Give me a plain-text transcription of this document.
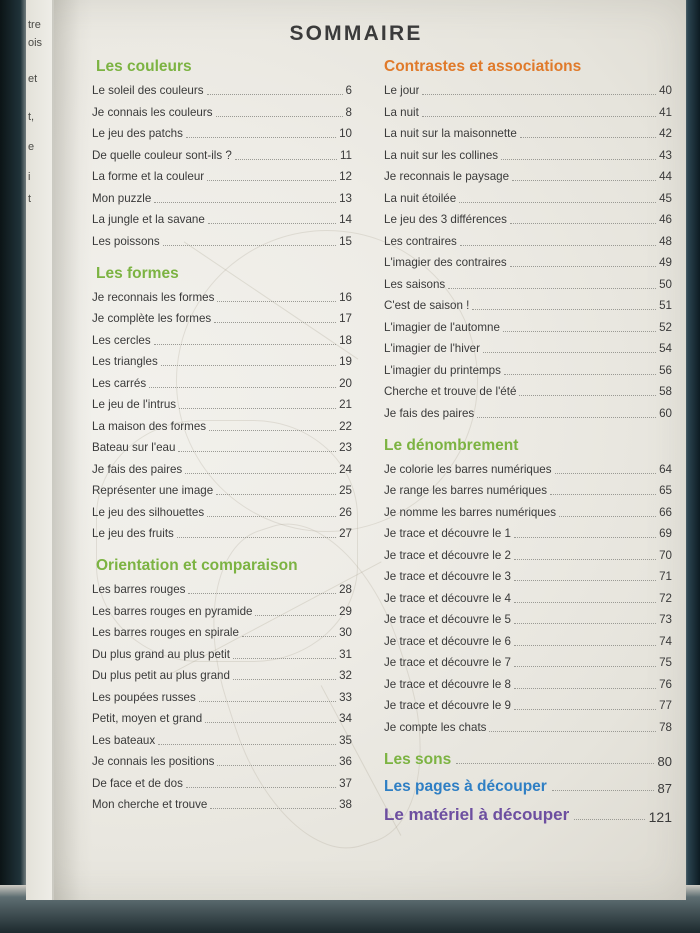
tre
ois
et
t,
e
i
t
SOMMAIRE
Les couleurs
Le soleil des couleurs	6
Je connais les couleurs	8
Le jeu des patchs	10
De quelle couleur sont-ils ?	11
La forme et la couleur	12
Mon puzzle	13
La jungle et la savane	14
Les poissons	15
Les formes
Je reconnais les formes	16
Je complète les formes	17
Les cercles	18
Les triangles	19
Les carrés	20
Le jeu de l'intrus	21
La maison des formes	22
Bateau sur l'eau	23
Je fais des paires	24
Représenter une image	25
Le jeu des silhouettes	26
Le jeu des fruits	27
Orientation et comparaison
Les barres rouges	28
Les barres rouges en pyramide	29
Les barres rouges en spirale	30
Du plus grand au plus petit	31
Du plus petit au plus grand	32
Les poupées russes	33
Petit, moyen et grand	34
Les bateaux	35
Je connais les positions	36
De face et de dos	37
Mon cherche et trouve	38
Contrastes et associations
Le jour	40
La nuit	41
La nuit sur la maisonnette	42
La nuit sur les collines	43
Je reconnais le paysage	44
La nuit étoilée	45
Le jeu des 3 différences	46
Les contraires	48
L'imagier des contraires	49
Les saisons	50
C'est de saison !	51
L'imagier de l'automne	52
L'imagier de l'hiver	54
L'imagier du printemps	56
Cherche et trouve de l'été	58
Je fais des paires	60
Le dénombrement
Je colorie les barres numériques	64
Je range les barres numériques	65
Je nomme les barres numériques	66
Je trace et découvre le 1	69
Je trace et découvre le 2	70
Je trace et découvre le 3	71
Je trace et découvre le 4	72
Je trace et découvre le 5	73
Je trace et découvre le 6	74
Je trace et découvre le 7	75
Je trace et découvre le 8	76
Je trace et découvre le 9	77
Je compte les chats	78
Les sons	80
Les pages à découper	87
Le matériel à découper	121
